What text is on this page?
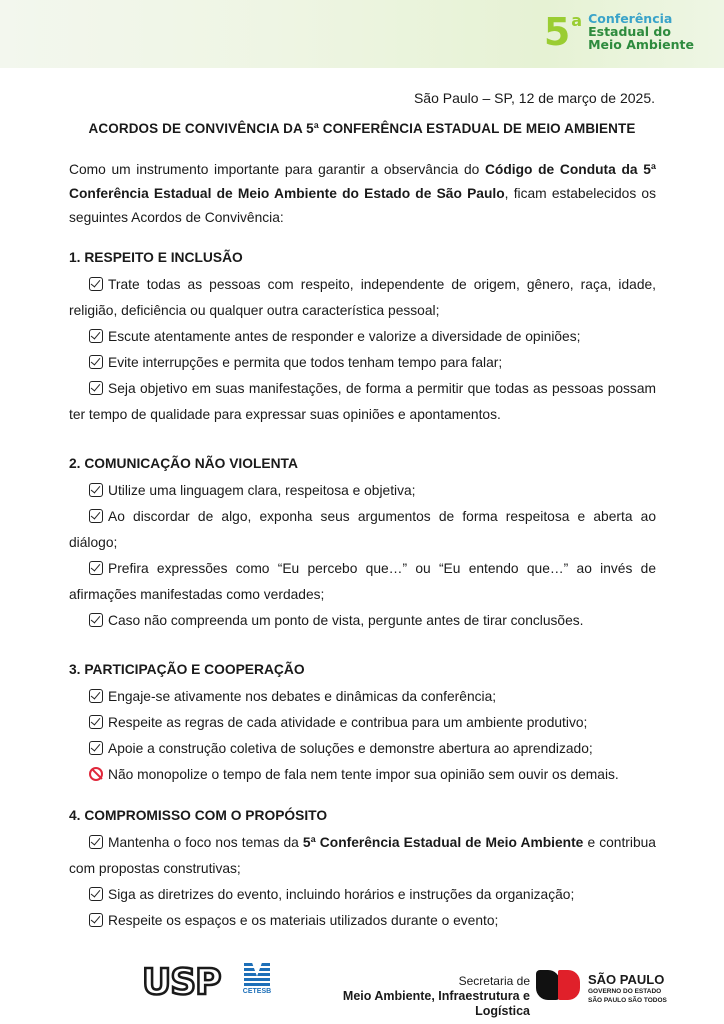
5$^a$ Conferência
Estadual do
Meio Ambiente
São Paulo – SP, 12 de março de 2025.
ACORDOS DE CONVIVÊNCIA DA 5ª CONFERÊNCIA ESTADUAL DE MEIO AMBIENTE

Como um instrumento importante para garantir a observância do Código de Conduta da 5ª Conferência Estadual de Meio Ambiente do Estado de São Paulo, ficam estabelecidos os seguintes Acordos de Convivência:

1. RESPEITO E INCLUSÃO
Trate todas as pessoas com respeito, independente de origem, gênero, raça, idade, religião, deficiência ou qualquer outra característica pessoal;
Escute atentamente antes de responder e valorize a diversidade de opiniões;
Evite interrupções e permita que todos tenham tempo para falar;
Seja objetivo em suas manifestações, de forma a permitir que todas as pessoas possam ter tempo de qualidade para expressar suas opiniões e apontamentos.
2. COMUNICAÇÃO NÃO VIOLENTA
Utilize uma linguagem clara, respeitosa e objetiva;
Ao discordar de algo, exponha seus argumentos de forma respeitosa e aberta ao diálogo;
Prefira expressões como “Eu percebo que…” ou “Eu entendo que…” ao invés de afirmações manifestadas como verdades;
Caso não compreenda um ponto de vista, pergunte antes de tirar conclusões.
3. PARTICIPAÇÃO E COOPERAÇÃO
Engaje-se ativamente nos debates e dinâmicas da conferência;
Respeite as regras de cada atividade e contribua para um ambiente produtivo;
Apoie a construção coletiva de soluções e demonstre abertura ao aprendizado;
Não monopolize o tempo de fala nem tente impor sua opinião sem ouvir os demais.
4. COMPROMISSO COM O PROPÓSITO
Mantenha o foco nos temas da 5ª Conferência Estadual de Meio Ambiente e contribua com propostas construtivas;
Siga as diretrizes do evento, incluindo horários e instruções da organização;
Respeite os espaços e os materiais utilizados durante o evento;
USP	CETESB
Secretaria de
Meio Ambiente, Infraestrutura e Logística
SÃO PAULO
GOVERNO DO ESTADO
SÃO PAULO SÃO TODOS
